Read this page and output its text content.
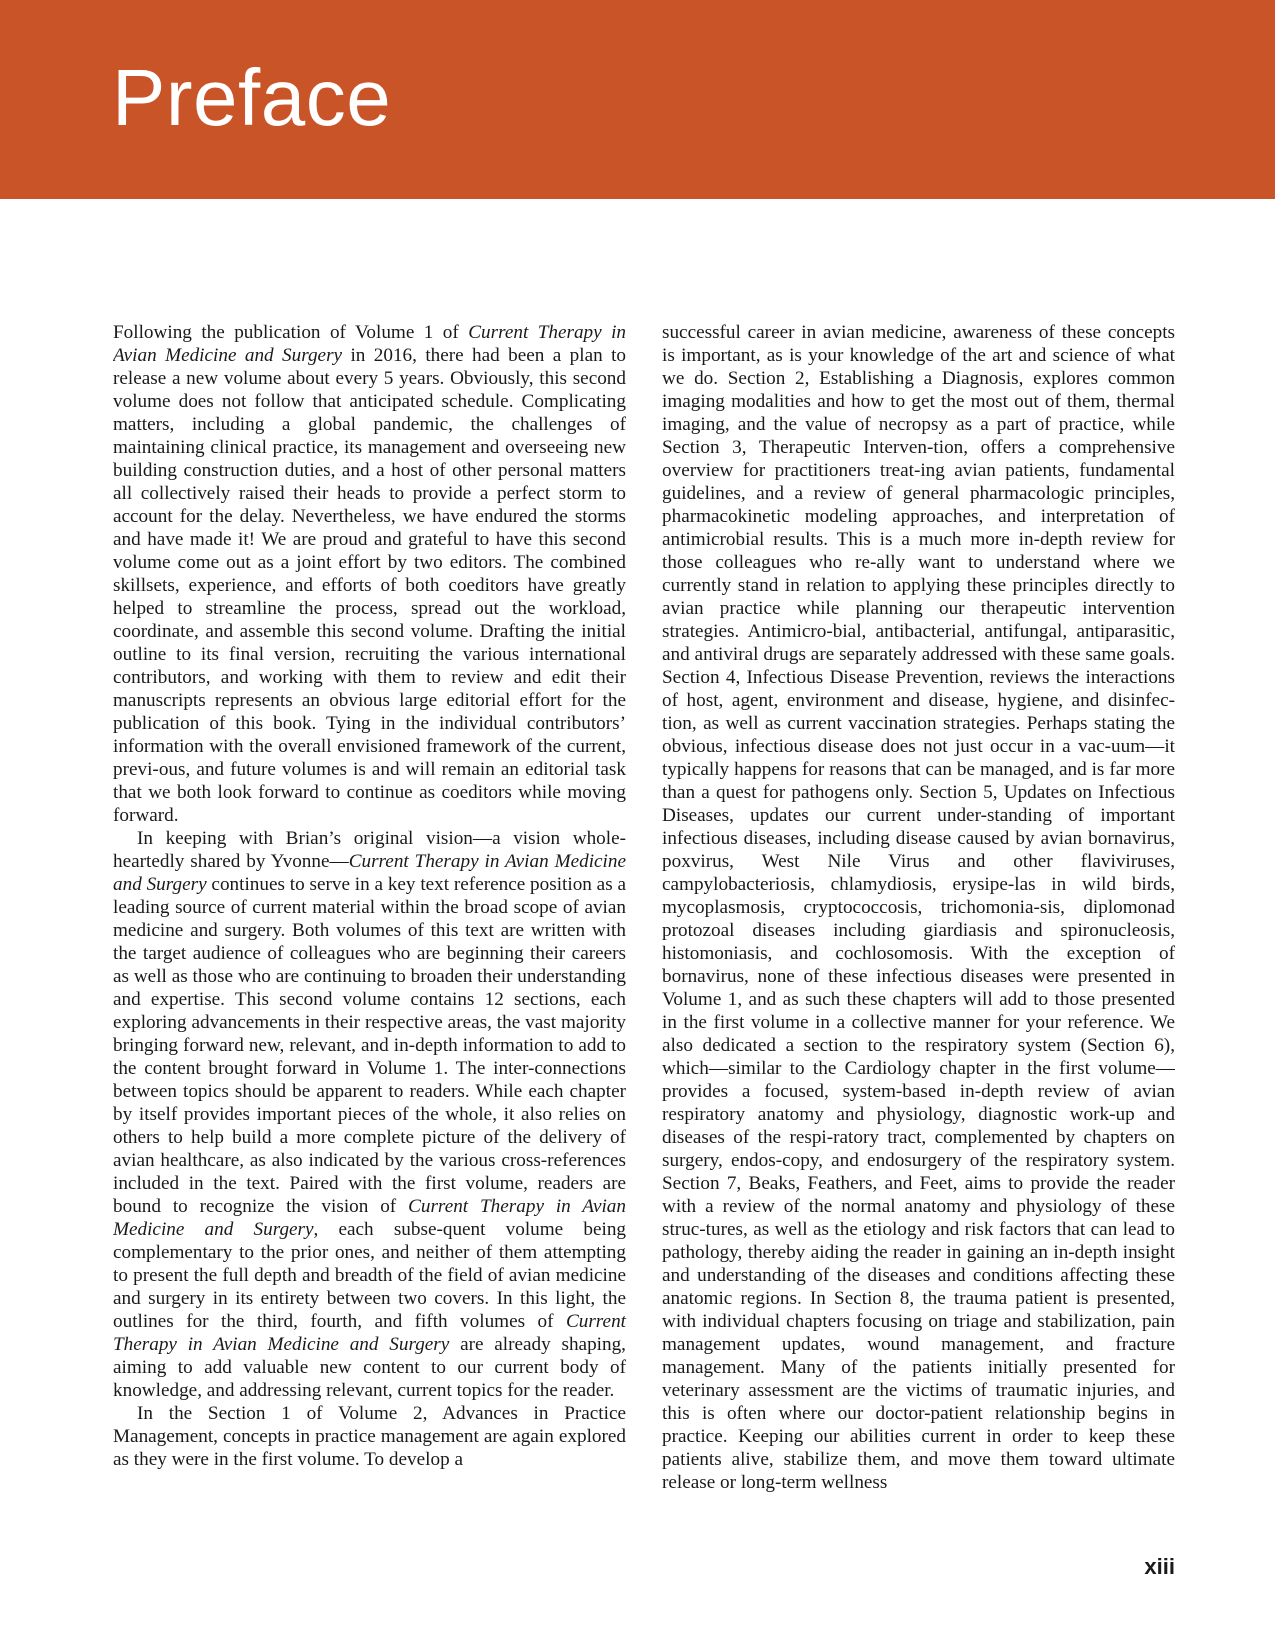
Preface

Following the publication of Volume 1 of Current Therapy in Avian Medicine and Surgery in 2016, there had been a plan to release a new volume about every 5 years. Obviously, this second volume does not follow that anticipated schedule. Complicating matters, including a global pandemic, the challenges of maintaining clinical practice, its management and overseeing new building construction duties, and a host of other personal matters all collectively raised their heads to provide a perfect storm to account for the delay. Nevertheless, we have endured the storms and have made it! We are proud and grateful to have this second volume come out as a joint effort by two editors. The combined skillsets, experience, and efforts of both coeditors have greatly helped to streamline the process, spread out the workload, coordinate, and assemble this second volume. Drafting the initial outline to its final version, recruiting the various international contributors, and working with them to review and edit their manuscripts represents an obvious large editorial effort for the publication of this book. Tying in the individual contributors’ information with the overall envisioned framework of the current, previ-ous, and future volumes is and will remain an editorial task that we both look forward to continue as coeditors while moving forward.

In keeping with Brian’s original vision—a vision whole-heartedly shared by Yvonne—Current Therapy in Avian Medicine and Surgery continues to serve in a key text reference position as a leading source of current material within the broad scope of avian medicine and surgery. Both volumes of this text are written with the target audience of colleagues who are beginning their careers as well as those who are continuing to broaden their understanding and expertise. This second volume contains 12 sections, each exploring advancements in their respective areas, the vast majority bringing forward new, relevant, and in-depth information to add to the content brought forward in Volume 1. The inter-connections between topics should be apparent to readers. While each chapter by itself provides important pieces of the whole, it also relies on others to help build a more complete picture of the delivery of avian healthcare, as also indicated by the various cross-references included in the text. Paired with the first volume, readers are bound to recognize the vision of Current Therapy in Avian Medicine and Surgery, each subse-quent volume being complementary to the prior ones, and neither of them attempting to present the full depth and breadth of the field of avian medicine and surgery in its entirety between two covers. In this light, the outlines for the third, fourth, and fifth volumes of Current Therapy in Avian Medicine and Surgery are already shaping, aiming to add valuable new content to our current body of knowledge, and addressing relevant, current topics for the reader.

In the Section 1 of Volume 2, Advances in Practice Management, concepts in practice management are again explored as they were in the first volume. To develop a

successful career in avian medicine, awareness of these concepts is important, as is your knowledge of the art and science of what we do. Section 2, Establishing a Diagnosis, explores common imaging modalities and how to get the most out of them, thermal imaging, and the value of necropsy as a part of practice, while Section 3, Therapeutic Interven-tion, offers a comprehensive overview for practitioners treat-ing avian patients, fundamental guidelines, and a review of general pharmacologic principles, pharmacokinetic modeling approaches, and interpretation of antimicrobial results. This is a much more in-depth review for those colleagues who re-ally want to understand where we currently stand in relation to applying these principles directly to avian practice while planning our therapeutic intervention strategies. Antimicro-bial, antibacterial, antifungal, antiparasitic, and antiviral drugs are separately addressed with these same goals. Section 4, Infectious Disease Prevention, reviews the interactions of host, agent, environment and disease, hygiene, and disinfec-tion, as well as current vaccination strategies. Perhaps stating the obvious, infectious disease does not just occur in a vac-uum—it typically happens for reasons that can be managed, and is far more than a quest for pathogens only. Section 5, Updates on Infectious Diseases, updates our current under-standing of important infectious diseases, including disease caused by avian bornavirus, poxvirus, West Nile Virus and other flaviviruses, campylobacteriosis, chlamydiosis, erysipe-las in wild birds, mycoplasmosis, cryptococcosis, trichomonia-sis, diplomonad protozoal diseases including giardiasis and spironucleosis, histomoniasis, and cochlosomosis. With the exception of bornavirus, none of these infectious diseases were presented in Volume 1, and as such these chapters will add to those presented in the first volume in a collective manner for your reference. We also dedicated a section to the respiratory system (Section 6), which—similar to the Cardiology chapter in the first volume—provides a focused, system-based in-depth review of avian respiratory anatomy and physiology, diagnostic work-up and diseases of the respi-ratory tract, complemented by chapters on surgery, endos-copy, and endosurgery of the respiratory system. Section 7, Beaks, Feathers, and Feet, aims to provide the reader with a review of the normal anatomy and physiology of these struc-tures, as well as the etiology and risk factors that can lead to pathology, thereby aiding the reader in gaining an in-depth insight and understanding of the diseases and conditions affecting these anatomic regions. In Section 8, the trauma patient is presented, with individual chapters focusing on triage and stabilization, pain management updates, wound management, and fracture management. Many of the patients initially presented for veterinary assessment are the victims of traumatic injuries, and this is often where our doctor-patient relationship begins in practice. Keeping our abilities current in order to keep these patients alive, stabilize them, and move them toward ultimate release or long-term wellness

xiii
